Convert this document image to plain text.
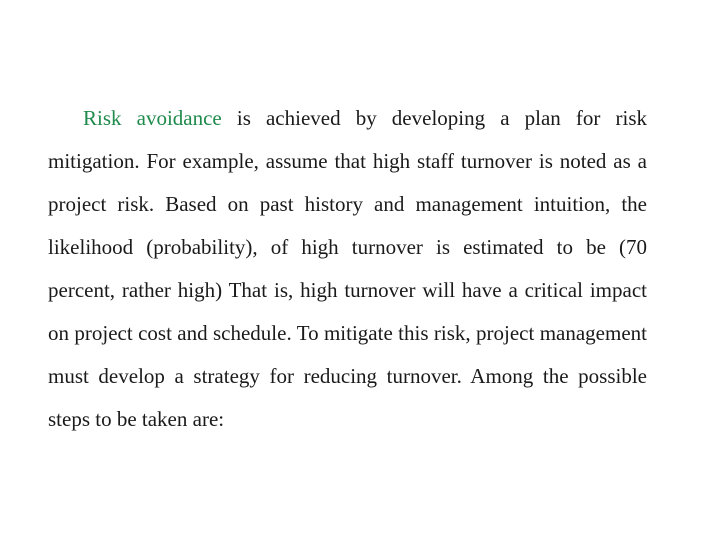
Risk avoidance is achieved by developing a plan for risk mitigation. For example, assume that high staff turnover is noted as a project risk. Based on past history and management intuition, the likelihood (probability), of high turnover is estimated to be (70 percent, rather high) That is, high turnover will have a critical impact on project cost and schedule. To mitigate this risk, project management must develop a strategy for reducing turnover. Among the possible steps to be taken are:
